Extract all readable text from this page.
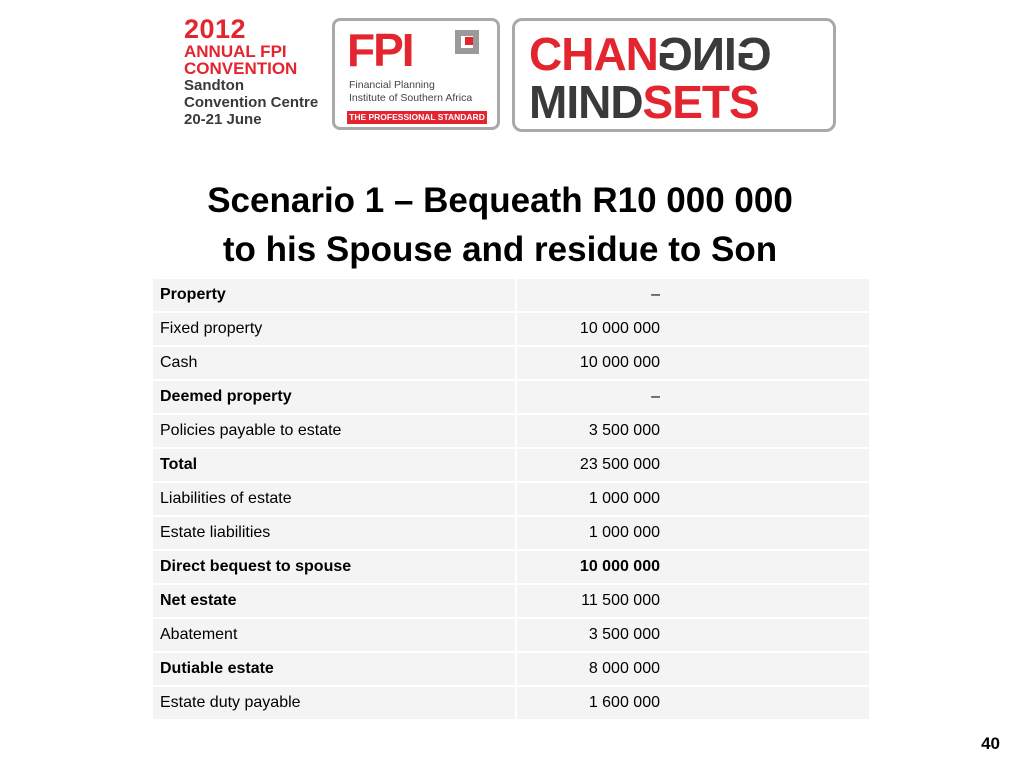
2012
ANNUAL FPI
CONVENTION
Sandton
Convention Centre
20-21 June
FPI
Financial Planning
Institute of Southern Africa
THE PROFESSIONAL STANDARD
CHANGING
MINDSETS
Scenario 1 – Bequeath R10 000 000
to his Spouse and residue to Son
Property	–
Fixed property	10 000 000
Cash	10 000 000
Deemed property	–
Policies payable to estate	3 500 000
Total	23 500 000
Liabilities of estate	1 000 000
Estate liabilities	1 000 000
Direct bequest to spouse	10 000 000
Net estate	11 500 000
Abatement	3 500 000
Dutiable estate	8 000 000
Estate duty payable	1 600 000
40
